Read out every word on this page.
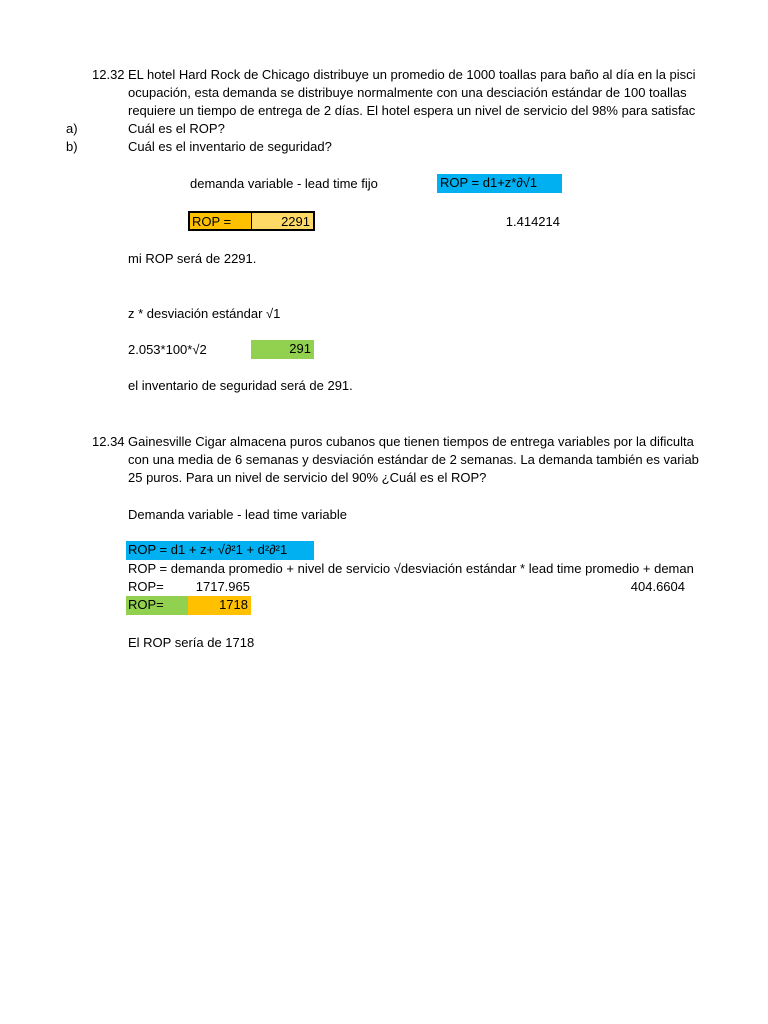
12.32 EL hotel Hard Rock de Chicago distribuye un promedio de 1000 toallas para baño al día en la pisci
ocupación, esta demanda se distribuye normalmente con una desciación estándar de 100 toallas
requiere un tiempo de entrega de 2 días. El hotel espera un nivel de servicio del 98% para satisfac
a)	Cuál es el ROP?
b)	Cuál es el inventario de seguridad?
demanda variable - lead time fijo	ROP = d1+z*∂√1
ROP =	2291	1.414214
mi ROP será de 2291.
z * desviación estándar √1
2.053*100*√2	291
el inventario de seguridad será de 291.
12.34 Gainesville Cigar almacena puros cubanos que tienen tiempos de entrega variables por la dificulta
con una media de 6 semanas y desviación estándar de 2 semanas. La demanda también es variab
25 puros. Para un nivel de servicio del 90% ¿Cuál es el ROP?
Demanda variable - lead time variable
ROP = d1 + z+ √∂²1 + d²∂²1
ROP = demanda promedio + nivel de servicio √desviación estándar * lead time promedio + deman
ROP=	1717.965	404.6604
ROP=	1718
El ROP sería de 1718
